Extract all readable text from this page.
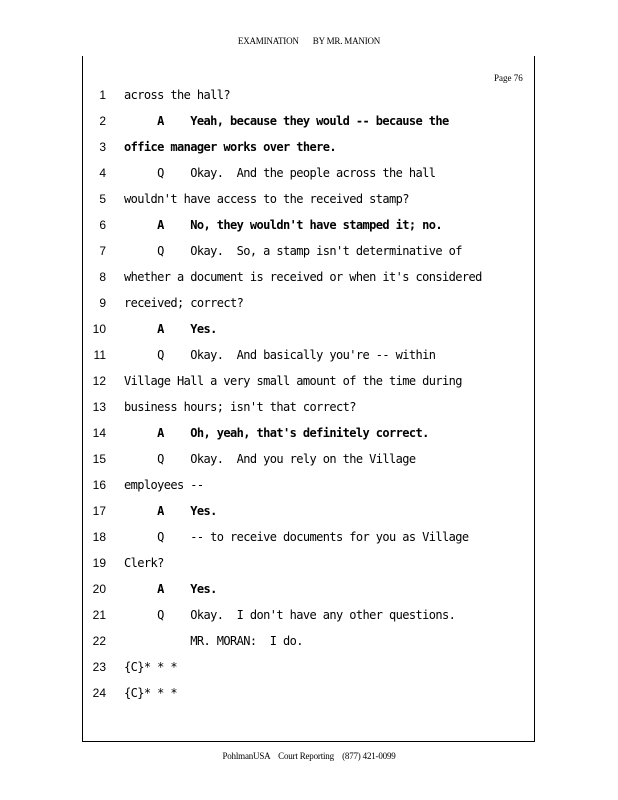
EXAMINATION BY MR. MANION
Page 76
1 across the hall?
2 A    Yeah, because they would -- because the
3 office manager works over there.
4 Q    Okay.  And the people across the hall
5 wouldn't have access to the received stamp?
6 A    No, they wouldn't have stamped it; no.
7 Q    Okay.  So, a stamp isn't determinative of
8 whether a document is received or when it's considered
9 received; correct?
10 A    Yes.
11 Q    Okay.  And basically you're -- within
12 Village Hall a very small amount of the time during
13 business hours; isn't that correct?
14 A    Oh, yeah, that's definitely correct.
15 Q    Okay.  And you rely on the Village
16 employees --
17 A    Yes.
18 Q    -- to receive documents for you as Village
19 Clerk?
20 A    Yes.
21 Q    Okay.  I don't have any other questions.
22 MR. MORAN:  I do.
23 {C}* * *
24 {C}* * *
PohlmanUSA Court Reporting (877) 421-0099
